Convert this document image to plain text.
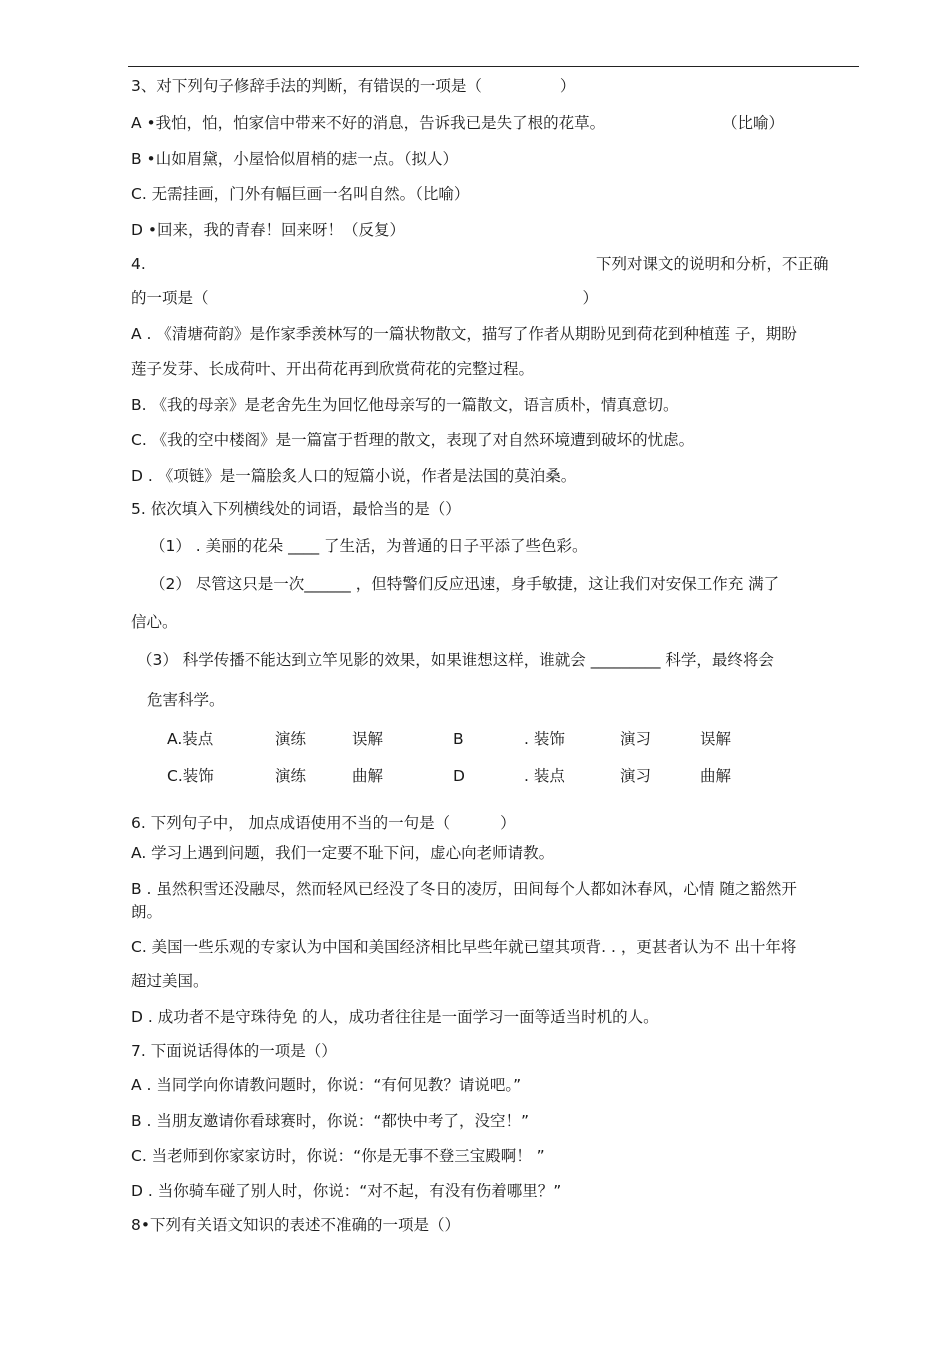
3、对下列句子修辞手法的判断，有错误的一项是（	）
A •我怕，怕，怕家信中带来不好的消息，告诉我已是失了根的花草。	（比喻）
B •山如眉黛，小屋恰似眉梢的痣一点。（拟人）
C. 无需挂画，门外有幅巨画一名叫自然。（比喻）
D •回来，我的青春！回来呀！（反复）
4.	下列对课文的说明和分析，不正确
的一项是（	）
A . 《清塘荷韵》是作家季羡林写的一篇状物散文，描写了作者从期盼见到荷花到种植莲 子，期盼
莲子发芽、长成荷叶、开出荷花再到欣赏荷花的完整过程。
B. 《我的母亲》是老舍先生为回忆他母亲写的一篇散文，语言质朴，情真意切。
C. 《我的空中楼阁》是一篇富于哲理的散文，表现了对自然环境遭到破坏的忧虑。
D . 《项链》是一篇脍炙人口的短篇小说，作者是法国的莫泊桑。
5. 依次填入下列横线处的词语，最恰当的是（）
（1） . 美丽的花朵 ____ 了生活，为普通的日子平添了些色彩。
（2） 尽管这只是一次______ ，但特警们反应迅速，身手敏捷，这让我们对安保工作充 满了
信心。
（3） 科学传播不能达到立竿见影的效果，如果谁想这样，谁就会 _________ 科学，最终将会
危害科学。
A.装点	演练	误解	B	. 装饰	演习	误解
C.装饰	演练	曲解	D	. 装点	演习	曲解
6. 下列句子中， 加点成语使用不当的一句是（	）
A. 学习上遇到问题，我们一定要不耻下问，虚心向老师请教。
B . 虽然积雪还没融尽，然而轻风已经没了冬日的凌厉，田间每个人都如沐春风，心情 随之豁然开
朗。
C. 美国一些乐观的专家认为中国和美国经济相比早些年就已望其项背. . ，更甚者认为不 出十年将
超过美国。
D . 成功者不是守珠待免 的人，成功者往往是一面学习一面等适当时机的人。
7. 下面说话得体的一项是（）
A . 当同学向你请教问题时，你说：“有何见教？请说吧。”
B . 当朋友邀请你看球赛时，你说：“都快中考了，没空！”
C. 当老师到你家家访时，你说：“你是无事不登三宝殿啊！ ”
D . 当你骑车碰了别人时，你说：“对不起，有没有伤着哪里？”
8•下列有关语文知识的表述不准确的一项是（）
